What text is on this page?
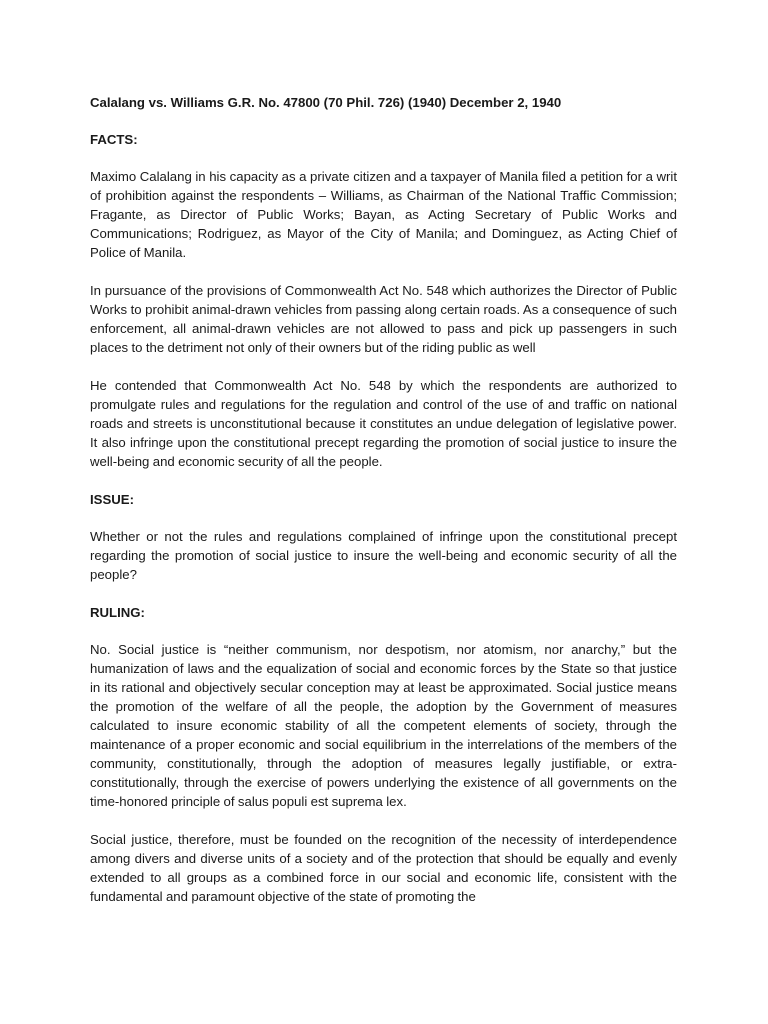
Calalang vs. Williams G.R. No. 47800 (70 Phil. 726) (1940) December 2, 1940
FACTS:

Maximo Calalang in his capacity as a private citizen and a taxpayer of Manila filed a petition for a writ of prohibition against the respondents – Williams, as Chairman of the National Traffic Commission; Fragante, as Director of Public Works; Bayan, as Acting Secretary of Public Works and Communications; Rodriguez, as Mayor of the City of Manila; and Dominguez, as Acting Chief of Police of Manila.

In pursuance of the provisions of Commonwealth Act No. 548 which authorizes the Director of Public Works to prohibit animal-drawn vehicles from passing along certain roads. As a consequence of such enforcement, all animal-drawn vehicles are not allowed to pass and pick up passengers in such places to the detriment not only of their owners but of the riding public as well

He contended that Commonwealth Act No. 548 by which the respondents are authorized to promulgate rules and regulations for the regulation and control of the use of and traffic on national roads and streets is unconstitutional because it constitutes an undue delegation of legislative power. It also infringe upon the constitutional precept regarding the promotion of social justice to insure the well-being and economic security of all the people.

ISSUE:

Whether or not the rules and regulations complained of infringe upon the constitutional precept regarding the promotion of social justice to insure the well-being and economic security of all the people?

RULING:

No. Social justice is “neither communism, nor despotism, nor atomism, nor anarchy,” but the humanization of laws and the equalization of social and economic forces by the State so that justice in its rational and objectively secular conception may at least be approximated. Social justice means the promotion of the welfare of all the people, the adoption by the Government of measures calculated to insure economic stability of all the competent elements of society, through the maintenance of a proper economic and social equilibrium in the interrelations of the members of the community, constitutionally, through the adoption of measures legally justifiable, or extra-constitutionally, through the exercise of powers underlying the existence of all governments on the time-honored principle of salus populi est suprema lex.

Social justice, therefore, must be founded on the recognition of the necessity of interdependence among divers and diverse units of a society and of the protection that should be equally and evenly extended to all groups as a combined force in our social and economic life, consistent with the fundamental and paramount objective of the state of promoting the
